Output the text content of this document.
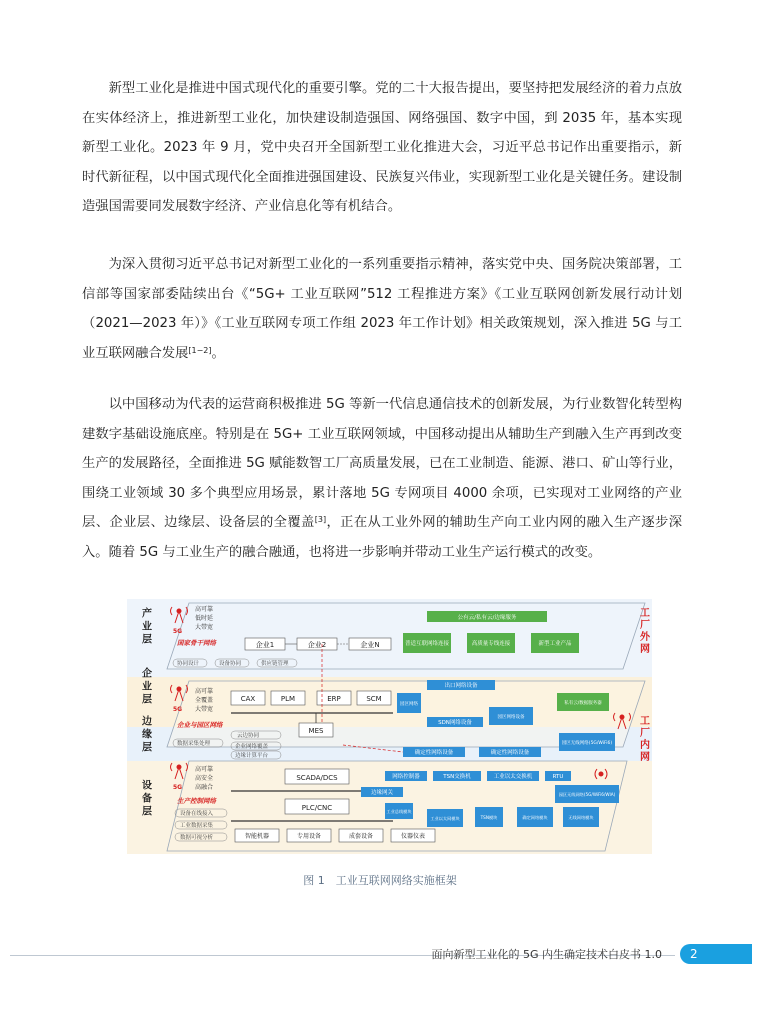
新型工业化是推进中国式现代化的重要引擎。党的二十大报告提出，要坚持把发展经济的着力点放在实体经济上，推进新型工业化，加快建设制造强国、网络强国、数字中国，到 2035 年，基本实现新型工业化。2023 年 9 月，党中央召开全国新型工业化推进大会，习近平总书记作出重要指示，新时代新征程，以中国式现代化全面推进强国建设、民族复兴伟业，实现新型工业化是关键任务。建设制造强国需要同发展数字经济、产业信息化等有机结合。

为深入贯彻习近平总书记对新型工业化的一系列重要指示精神，落实党中央、国务院决策部署，工信部等国家部委陆续出台《“5G+ 工业互联网”512 工程推进方案》《工业互联网创新发展行动计划（2021—2023 年）》《工业互联网专项工作组 2023 年工作计划》相关政策规划，深入推进 5G 与工业互联网融合发展[1−2]。

以中国移动为代表的运营商积极推进 5G 等新一代信息通信技术的创新发展，为行业数智化转型构建数字基础设施底座。特别是在 5G+ 工业互联网领域，中国移动提出从辅助生产到融入生产再到改变生产的发展路径，全面推进 5G 赋能数智工厂高质量发展，已在工业制造、能源、港口、矿山等行业，围绕工业领域 30 多个典型应用场景，累计落地 5G 专网项目 4000 余项，已实现对工业网络的产业层、企业层、边缘层、设备层的全覆盖[3]，正在从工业外网的辅助生产向工业内网的融入生产逐步深入。随着 5G 与工业生产的融合融通，也将进一步影响并带动工业生产运行模式的改变。

产业层
企业层
边缘层
设备层
工厂外网
工厂内网
5G
5G
5G
高可靠
低时延
大带宽
高可靠
全覆盖
大带宽
高可靠
高安全
高融合
国家骨干网络
企业与园区网络
生产控制网络
企业1	企业2	企业N
协同设计	设备协同	供应链管理
公有云/私有云/边缘服务
普适互联网络连接	高质量专线连接	新型工业产品
CAX	PLM	ERP	SCM
MES
云边协同
企业网络覆盖
出口网络设备
园区网络
SDN网络设备
园区网络设备
私有云/数据服务器
数据采集处理
边缘计算平台	确定性网络设备	确定性网络设备
园区无线网络(5G/WiFi6)
SCADA/DCS
PLC/CNC
设备在线接入
工业数据采集
数据可视分析	智能机器	专用设备	成套设备	仪器仪表
网络控制器	TSN交换机	工业以太交换机	RTU
边缘网关
工业总线模块
工业以太网模块	TSN模块	确定网络模块	无线网络模块
园区无线网络(5G/WiFi6/WIA)
图 1　工业互联网网络实施框架
面向新型工业化的 5G 内生确定技术白皮书 1.0	2
